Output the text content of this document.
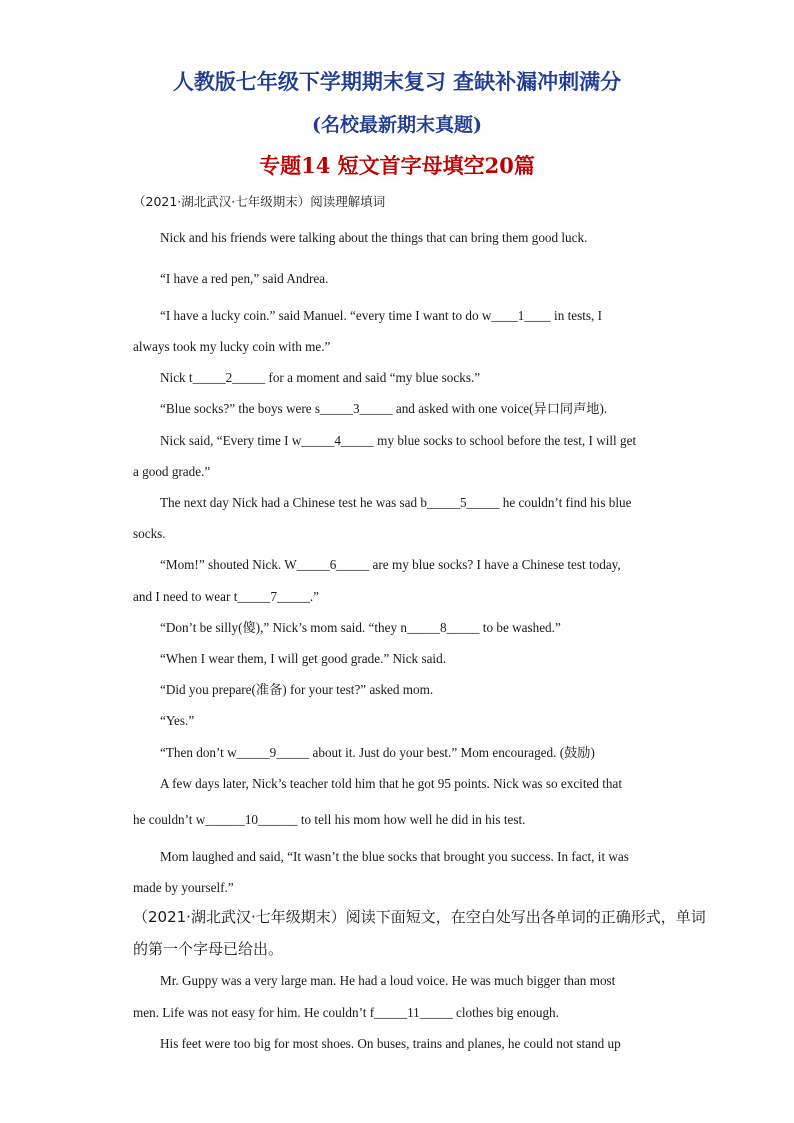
人教版七年级下学期期末复习 查缺补漏冲刺满分
(名校最新期末真题)
专题14 短文首字母填空20篇
（2021·湖北武汉·七年级期末）阅读理解填词
Nick and his friends were talking about the things that can bring them good luck.
“I have a red pen,” said Andrea.
“I have a lucky coin.” said Manuel. “every time I want to do w____1____ in tests, I
always took my lucky coin with me.”
Nick t_____2_____ for a moment and said “my blue socks.”
“Blue socks?” the boys were s_____3_____ and asked with one voice(异口同声地).
Nick said, “Every time I w_____4_____ my blue socks to school before the test, I will get
a good grade.”
The next day Nick had a Chinese test he was sad b_____5_____ he couldn’t find his blue
socks.
“Mom!” shouted Nick. W_____6_____ are my blue socks? I have a Chinese test today,
and I need to wear t_____7_____.”
“Don’t be silly(傻),” Nick’s mom said. “they n_____8_____ to be washed.”
“When I wear them, I will get good grade.” Nick said.
“Did you prepare(准备) for your test?” asked mom.
“Yes.”
“Then don’t w_____9_____ about it. Just do your best.” Mom encouraged. (鼓励)
A few days later, Nick’s teacher told him that he got 95 points. Nick was so excited that
he couldn’t w______10______ to tell his mom how well he did in his test.
Mom laughed and said, “It wasn’t the blue socks that brought you success. In fact, it was
made by yourself.”
（2021·湖北武汉·七年级期末）阅读下面短文，在空白处写出各单词的正确形式，单词
的第一个字母已给出。
Mr. Guppy was a very large man. He had a loud voice. He was much bigger than most
men. Life was not easy for him. He couldn’t f_____11_____ clothes big enough.
His feet were too big for most shoes. On buses, trains and planes, he could not stand up
